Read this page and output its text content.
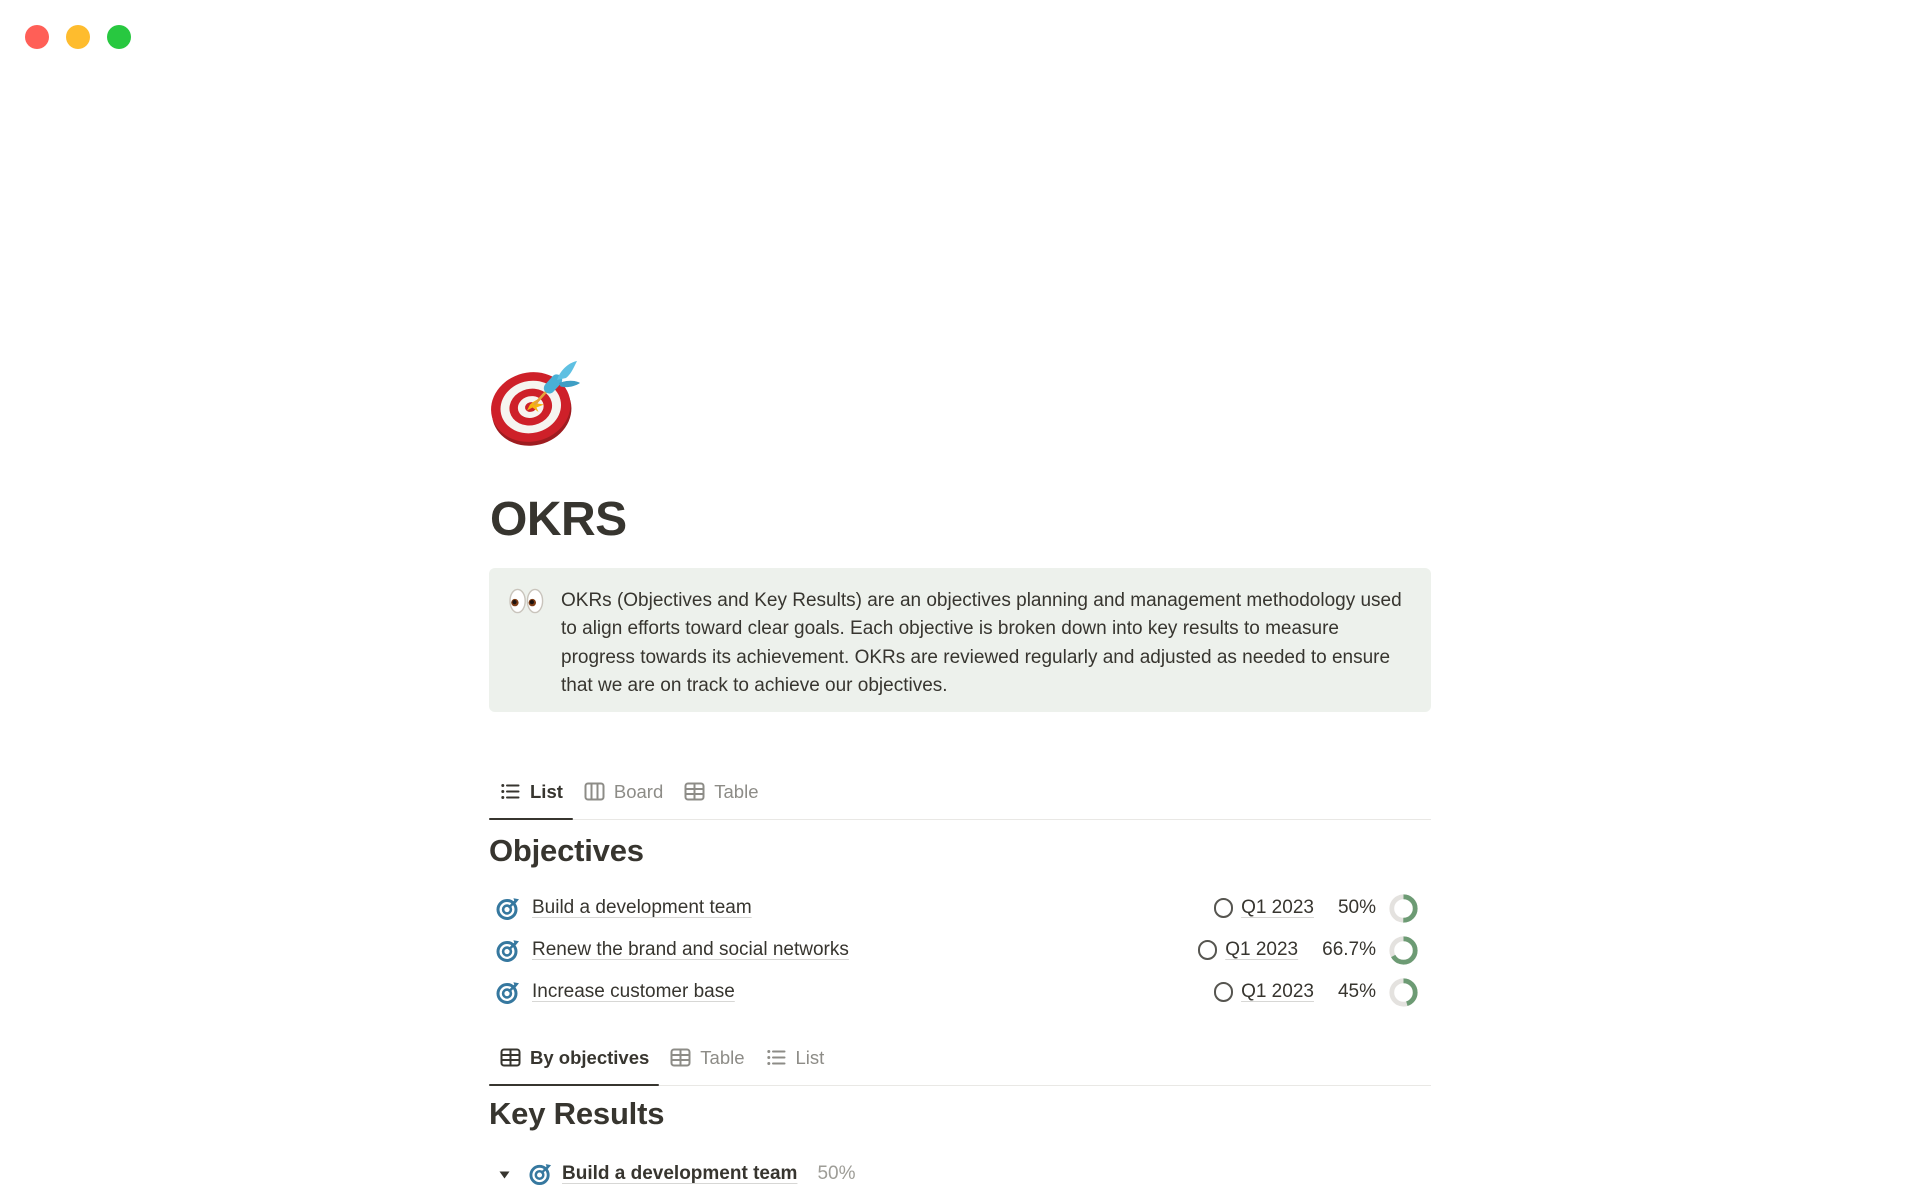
OKRS

OKRs (Objectives and Key Results) are an objectives planning and management methodology used to align efforts toward clear goals. Each objective is broken down into key results to measure progress towards its achievement. OKRs are reviewed regularly and adjusted as needed to ensure that we are on track to achieve our objectives.

List	Board	Table
Objectives
Build a development team	Q1 2023 50%
Renew the brand and social networks	Q1 2023 66.7%
Increase customer base	Q1 2023 45%
By objectives	Table	List
Key Results
Build a development team 50%
